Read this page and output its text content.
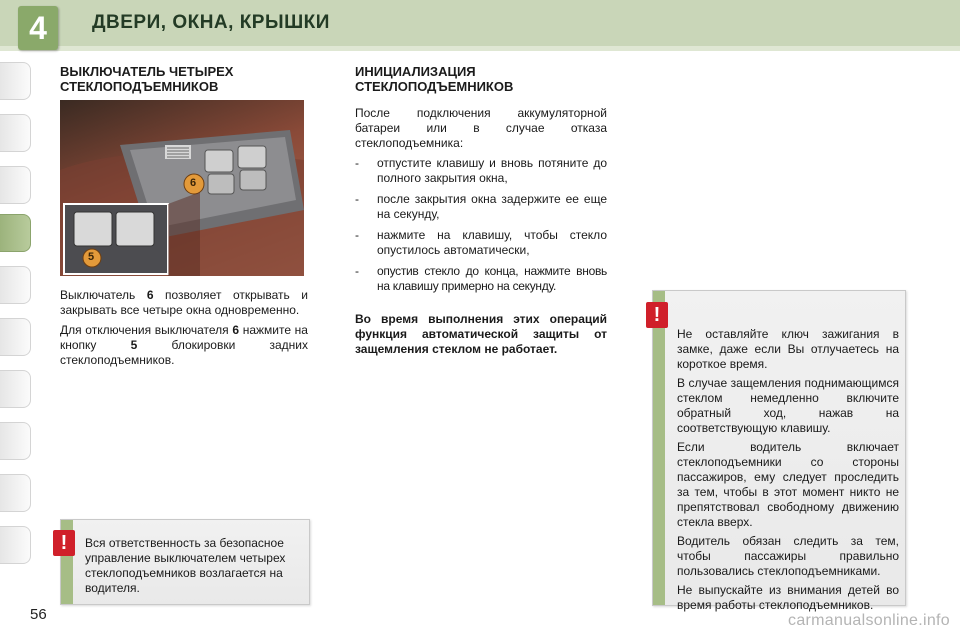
4	ДВЕРИ, ОКНА, КРЫШКИ
ВЫКЛЮЧАТЕЛЬ ЧЕТЫРЕХ
СТЕКЛОПОДЪЕМНИКОВ
6
5

Выключатель 6 позволяет открывать и закрывать все четыре окна одновременно.

Для отключения выключателя 6 нажмите на кнопку 5 блокировки задних стеклоподъемников.

Вся ответственность за безопасное управление выключателем четырех стеклоподъемников возлагается на водителя.
!
ИНИЦИАЛИЗАЦИЯ
СТЕКЛОПОДЪЕМНИКОВ

После подключения аккумуляторной батареи или в случае отказа стеклоподъемника:

- отпустите клавишу и вновь потяните до полного закрытия окна,
- после закрытия окна задержите ее еще на секунду,
- нажмите на клавишу, чтобы стекло опустилось автоматически,
- опустив стекло до конца, нажмите вновь на клавишу примерно на секунду.

Во время выполнения этих операций функция автоматической защиты от защемления стеклом не работает.

Не оставляйте ключ зажигания в замке, даже если Вы отлучаетесь на короткое время.

В случае защемления поднимающимся стеклом немедленно включите обратный ход, нажав на соответствующую клавишу.

Если водитель включает стеклоподъемники со стороны пассажиров, ему следует проследить за тем, чтобы в этот момент никто не препятствовал свободному движению стекла вверх.

Водитель обязан следить за тем, чтобы пассажиры правильно пользовались стеклоподъемниками.

Не выпускайте из внимания детей во время работы стеклоподъемников.

!
56	carmanualsonline.info
